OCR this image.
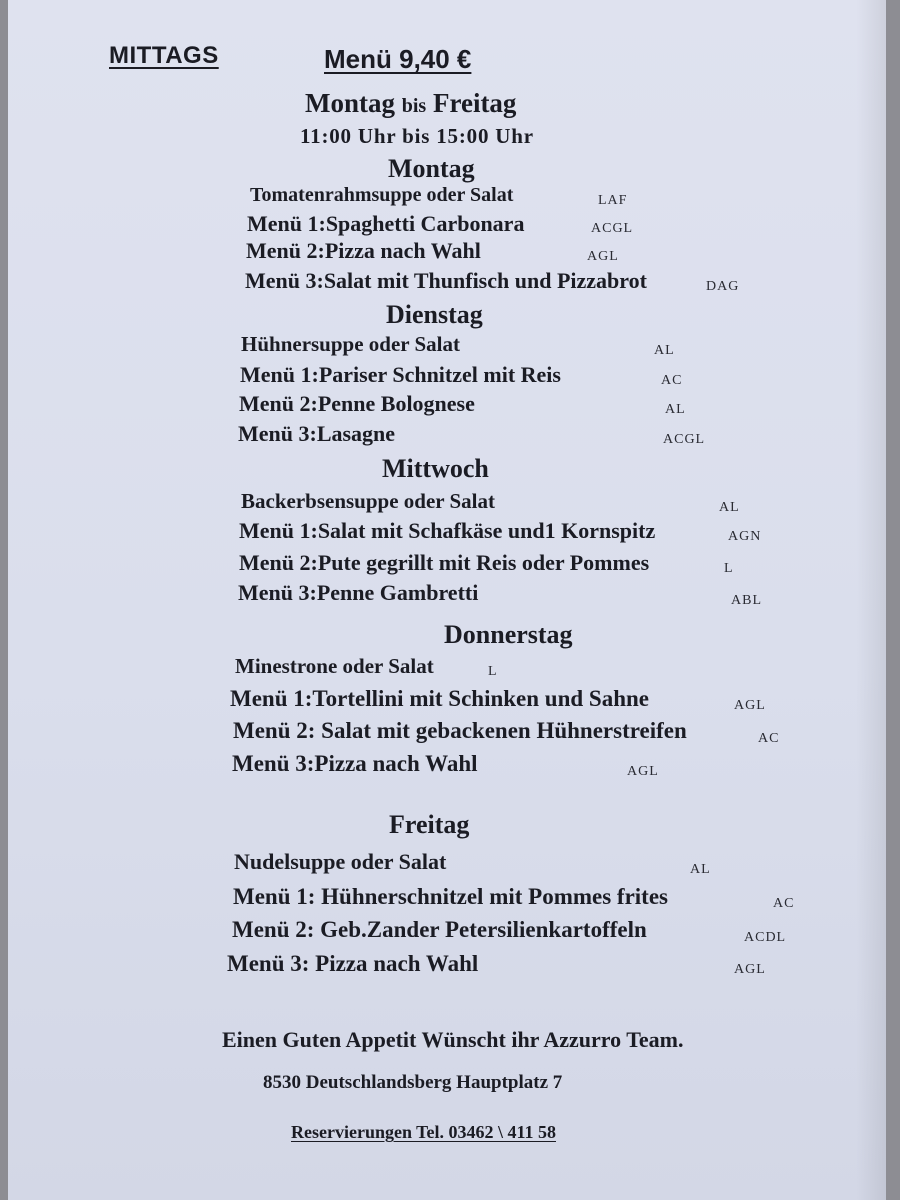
MITTAGS	Menü 9,40 €
Montag bis Freitag
11:00 Uhr bis 15:00 Uhr
Montag
Tomatenrahmsuppe oder Salat	LAF
Menü 1:Spaghetti Carbonara	ACGL
Menü 2:Pizza nach Wahl	AGL
Menü 3:Salat mit Thunfisch und Pizzabrot	DAG
Dienstag
Hühnersuppe oder Salat	AL
Menü 1:Pariser Schnitzel mit Reis	AC
Menü 2:Penne Bolognese	AL
Menü 3:Lasagne	ACGL
Mittwoch
Backerbsensuppe oder Salat	AL
Menü 1:Salat mit Schafkäse und1 Kornspitz	AGN
Menü 2:Pute gegrillt mit Reis oder Pommes	L
Menü 3:Penne Gambretti	ABL
Donnerstag
Minestrone oder Salat	L
Menü 1:Tortellini mit Schinken und Sahne	AGL
Menü 2: Salat mit gebackenen Hühnerstreifen	AC
Menü 3:Pizza nach Wahl	AGL
Freitag
Nudelsuppe oder Salat	AL
Menü 1: Hühnerschnitzel mit Pommes frites	AC
Menü 2: Geb.Zander Petersilienkartoffeln	ACDL
Menü 3: Pizza nach Wahl	AGL
Einen Guten Appetit Wünscht ihr Azzurro Team.
8530 Deutschlandsberg Hauptplatz 7
Reservierungen Tel. 03462 \ 411 58
